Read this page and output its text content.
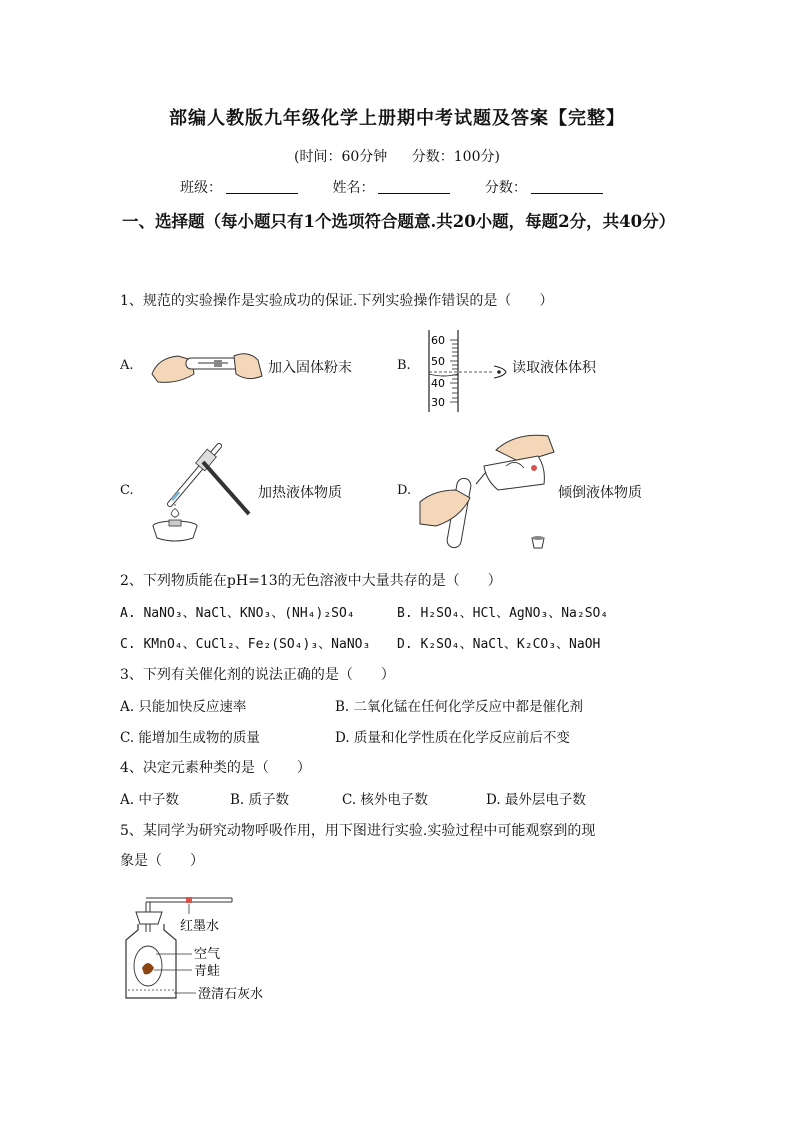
部编人教版九年级化学上册期中考试题及答案【完整】
(时间：60分钟 分数：100分)
班级：	姓名：	分数：
一、选择题（每小题只有1个选项符合题意.共20小题，每题2分，共40分）
1、规范的实验操作是实验成功的保证.下列实验操作错误的是（　　）
A.	加入固体粉末	B.
60
50
40
30
读取液体体积
C.	加热液体物质	D.	倾倒液体物质
2、下列物质能在pH=13的无色溶液中大量共存的是（　　）
A. NaNO₃、NaCl、KNO₃、(NH₄)₂SO₄	B. H₂SO₄、HCl、AgNO₃、Na₂SO₄
C. KMnO₄、CuCl₂、Fe₂(SO₄)₃、NaNO₃ D. K₂SO₄、NaCl、K₂CO₃、NaOH
3、下列有关催化剂的说法正确的是（　　）
A. 只能加快反应速率	B. 二氧化锰在任何化学反应中都是催化剂
C. 能增加生成物的质量	D. 质量和化学性质在化学反应前后不变
4、决定元素种类的是（　　）
A. 中子数	B. 质子数	C. 核外电子数	D. 最外层电子数
5、某同学为研究动物呼吸作用，用下图进行实验.实验过程中可能观察到的现
象是（　　）
红墨水
空气
青蛙
澄清石灰水
